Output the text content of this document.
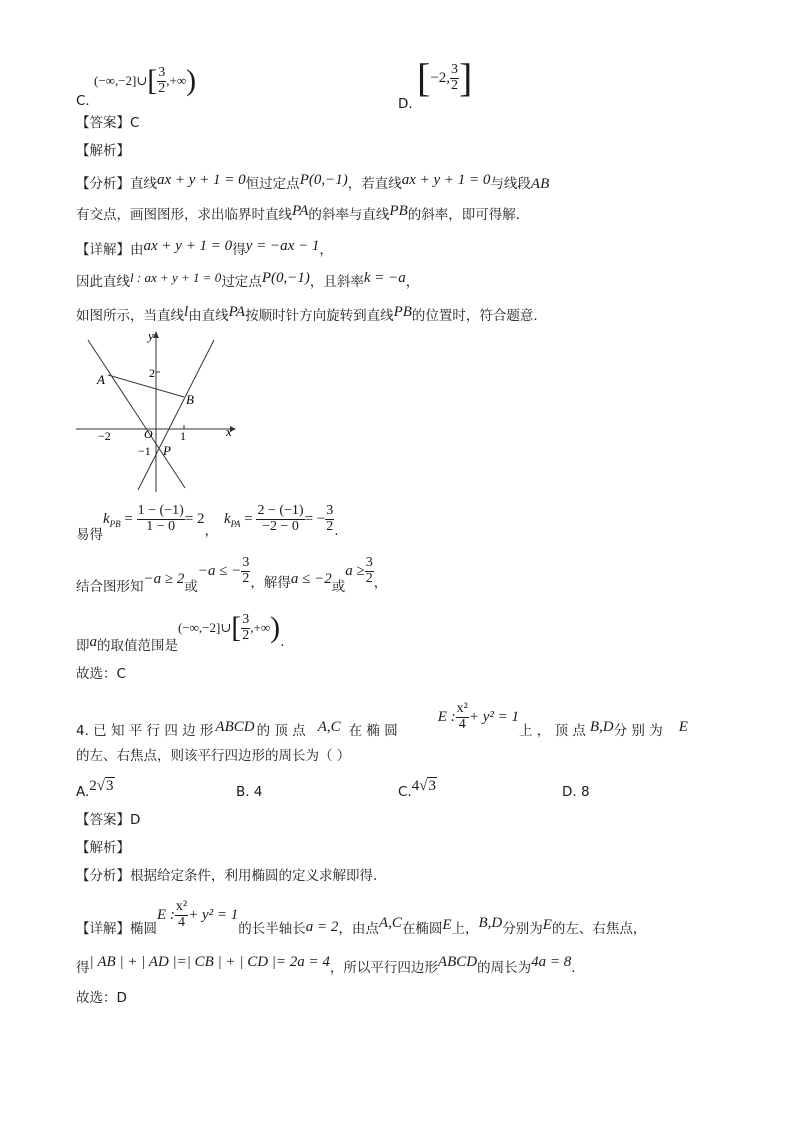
C. (−∞,−2]∪[ $\frac{3}{2}$ ,+∞)
D. [−2, $\frac{3}{2}$ ]
【答案】C
【解析】
【分析】直线ax + y + 1 = 0恒过定点P(0,−1)，若直线ax + y + 1 = 0与线段AB
有交点，画图图形，求出临界时直线PA的斜率与直线PB的斜率，即可得解.
【详解】由ax + y + 1 = 0得y = −ax − 1，
因此直线l : ax + y + 1 = 0过定点P(0,−1)，且斜率k = −a，
如图所示，当直线l由直线PA按顺时针方向旋转到直线PB的位置时，符合题意.
y
x
2
A
B
−2	O 1
−1 P
易得$k_{PB} = \frac{1 - (-1)}{1 - 0} = 2$，$k_{PA} = \frac{2 - (-1)}{-2 - 0}$ = − $\frac{3}{2}$ .
结合图形知−a ≥ 2或−a ≤ − $\frac{3}{2}$ ，解得a ≤ −2或$a \ge \frac{3}{2}$ ，
即a的取值范围是(−∞,−2]∪[ $\frac{3}{2}$ ,+∞).
故选：C
4. 已 知 平 行 四 边 形 ABCD 的 顶 点 A,C 在 椭 圆E : $\frac{\text{x²}}{4} + y^2 = 1$上 ， 顶 点 B,D分 别 为 E
的左、右焦点，则该平行四边形的周长为（ ）
A.2√3	B. 4	C.4√3	D. 8
【答案】D
【解析】
【分析】根据给定条件，利用椭圆的定义求解即得.
【详解】椭圆E : $\frac{\text{x²}}{4} + y^2 = 1$的长半轴长a = 2，由点A,C在椭圆E上，B,D分别为E的左、右焦点，
得| AB | + | AD |=| CB | + | CD |= 2a = 4，所以平行四边形ABCD的周长为4a = 8.
故选：D
